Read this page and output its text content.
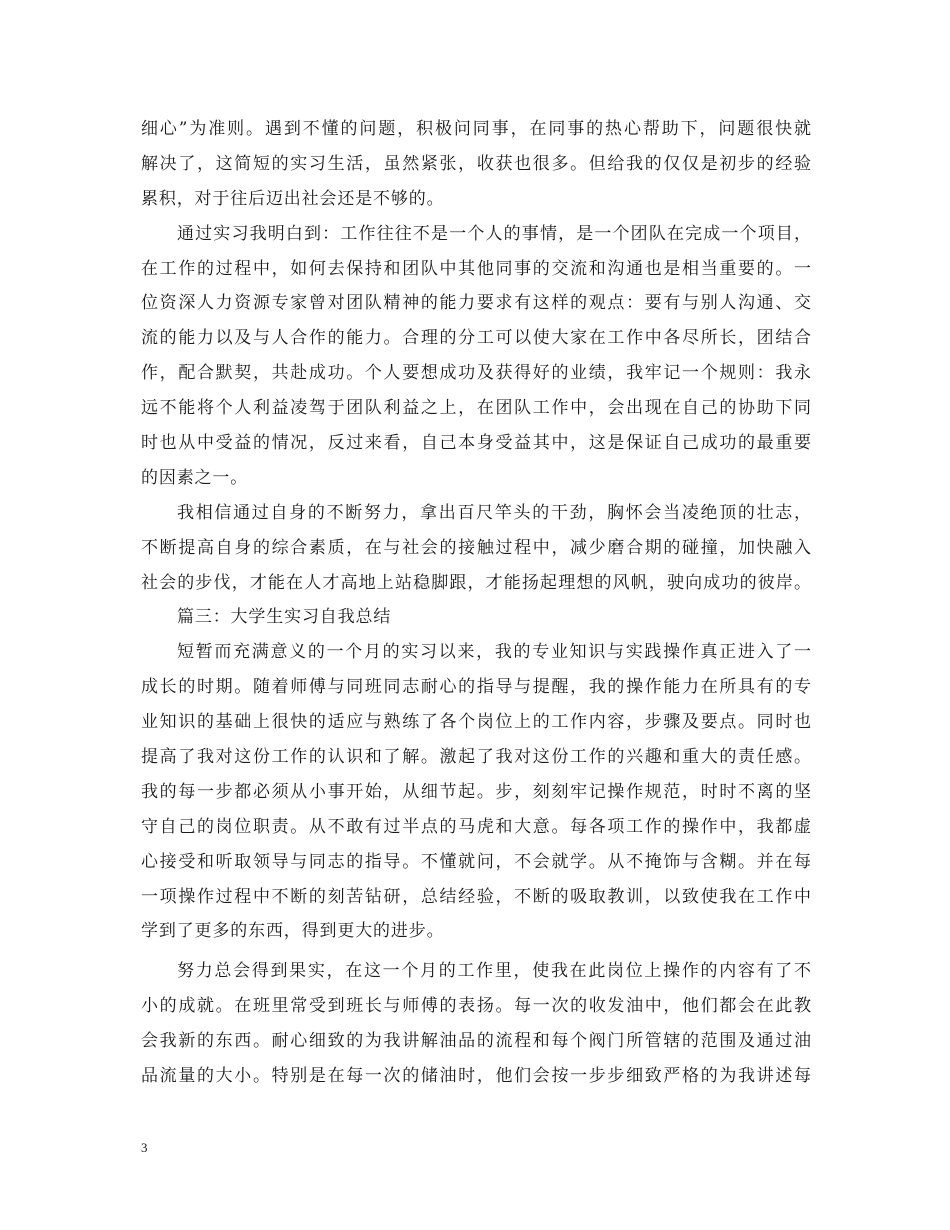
细心”为准则。遇到不懂的问题，积极问同事，在同事的热心帮助下，问题很快就
解决了，这简短的实习生活，虽然紧张，收获也很多。但给我的仅仅是初步的经验
累积，对于往后迈出社会还是不够的。
通过实习我明白到：工作往往不是一个人的事情，是一个团队在完成一个项目，
在工作的过程中，如何去保持和团队中其他同事的交流和沟通也是相当重要的。一
位资深人力资源专家曾对团队精神的能力要求有这样的观点：要有与别人沟通、交
流的能力以及与人合作的能力。合理的分工可以使大家在工作中各尽所长，团结合
作，配合默契，共赴成功。个人要想成功及获得好的业绩，我牢记一个规则：我永
远不能将个人利益凌驾于团队利益之上，在团队工作中，会出现在自己的协助下同
时也从中受益的情况，反过来看，自己本身受益其中，这是保证自己成功的最重要
的因素之一。
我相信通过自身的不断努力，拿出百尺竿头的干劲，胸怀会当凌绝顶的壮志，
不断提高自身的综合素质，在与社会的接触过程中，减少磨合期的碰撞，加快融入
社会的步伐，才能在人才高地上站稳脚跟，才能扬起理想的风帆，驶向成功的彼岸。
篇三：大学生实习自我总结
短暂而充满意义的一个月的实习以来，我的专业知识与实践操作真正进入了一
成长的时期。随着师傅与同班同志耐心的指导与提醒，我的操作能力在所具有的专
业知识的基础上很快的适应与熟练了各个岗位上的工作内容，步骤及要点。同时也
提高了我对这份工作的认识和了解。激起了我对这份工作的兴趣和重大的责任感。
我的每一步都必须从小事开始，从细节起。步，刻刻牢记操作规范，时时不离的坚
守自己的岗位职责。从不敢有过半点的马虎和大意。每各项工作的操作中，我都虚
心接受和听取领导与同志的指导。不懂就问，不会就学。从不掩饰与含糊。并在每
一项操作过程中不断的刻苦钻研，总结经验，不断的吸取教训，以致使我在工作中
学到了更多的东西，得到更大的进步。
努力总会得到果实，在这一个月的工作里，使我在此岗位上操作的内容有了不
小的成就。在班里常受到班长与师傅的表扬。每一次的收发油中，他们都会在此教
会我新的东西。耐心细致的为我讲解油品的流程和每个阀门所管辖的范围及通过油
品流量的大小。特别是在每一次的储油时，他们会按一步步细致严格的为我讲述每
3
